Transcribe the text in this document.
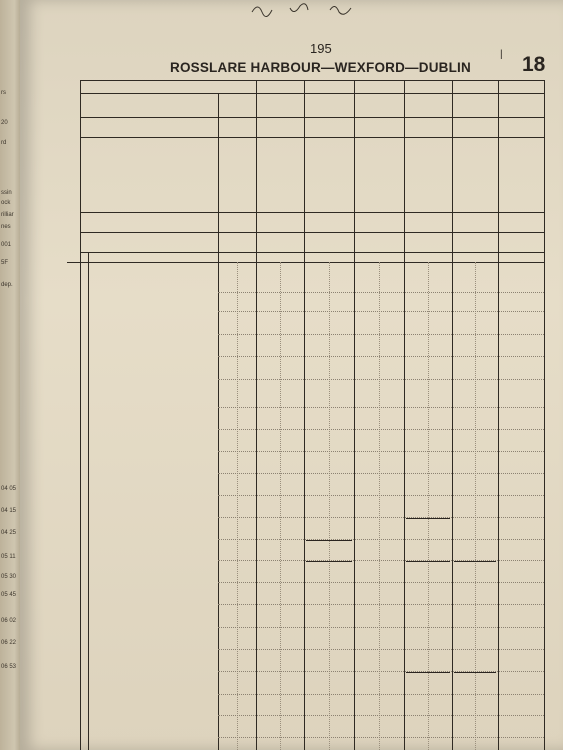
rs
20
rd
ssin
ock
rilliar
nes
001
5F
dep.
04 05
04 15
04 25
05 11
05 30
05 45
06 02
06 22
06 53
195
ROSSLARE HARBOUR—WEXFORD—DUBLIN
| 18
